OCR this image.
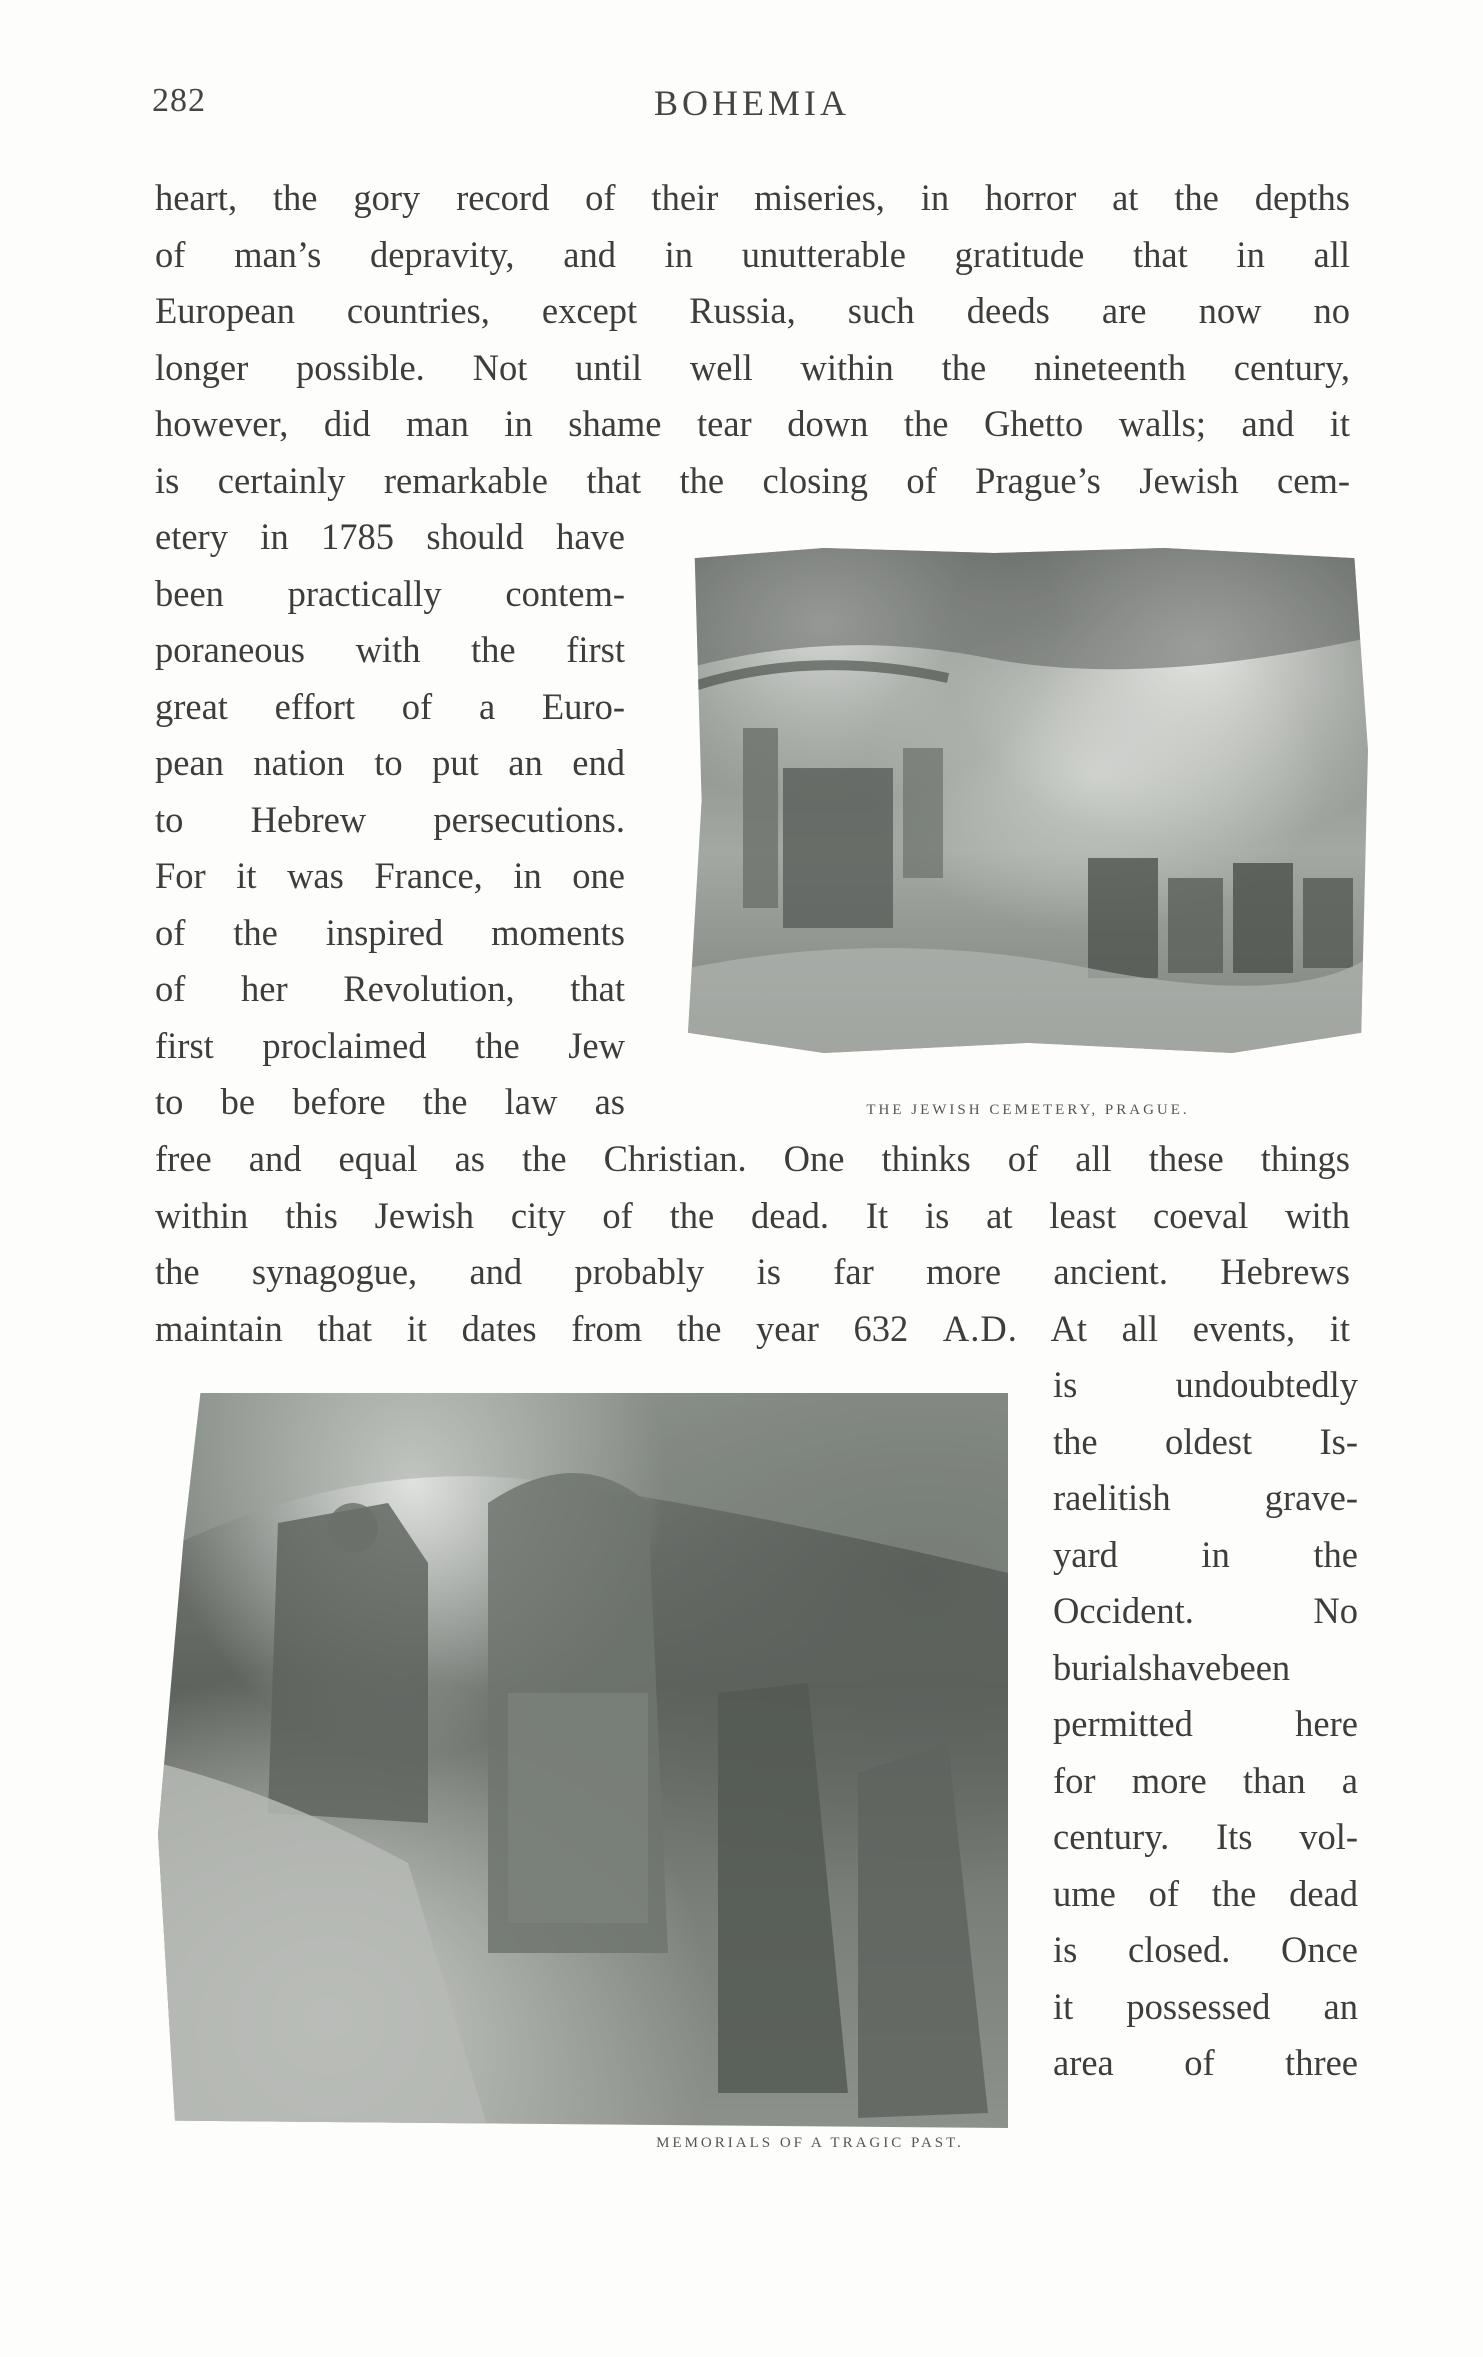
282	BOHEMIA
heart, the gory record of their miseries, in horror at the depths
of man’s depravity, and in unutterable gratitude that in all
European countries, except Russia, such deeds are now no
longer possible. Not until well within the nineteenth century,
however, did man in shame tear down the Ghetto walls; and it
is certainly remarkable that the closing of Prague’s Jewish cem-
etery in 1785 should have
been practically contem-
poraneous with the first
great effort of a Euro-
pean nation to put an end
to Hebrew persecutions.
For it was France, in one
of the inspired moments
of her Revolution, that
first proclaimed the Jew
to be before the law as	THE JEWISH CEMETERY, PRAGUE.
free and equal as the Christian. One thinks of all these things
within this Jewish city of the dead. It is at least coeval with
the synagogue, and probably is far more ancient. Hebrews
maintain that it dates from the year 632 A.D. At all events, it
is undoubtedly
the oldest Is-
raelitish grave-
yard in the
Occident. No
burialshavebeen
permitted here
for more than a
century. Its vol-
ume of the dead
is closed. Once
it possessed an
area of three
MEMORIALS OF A TRAGIC PAST.
